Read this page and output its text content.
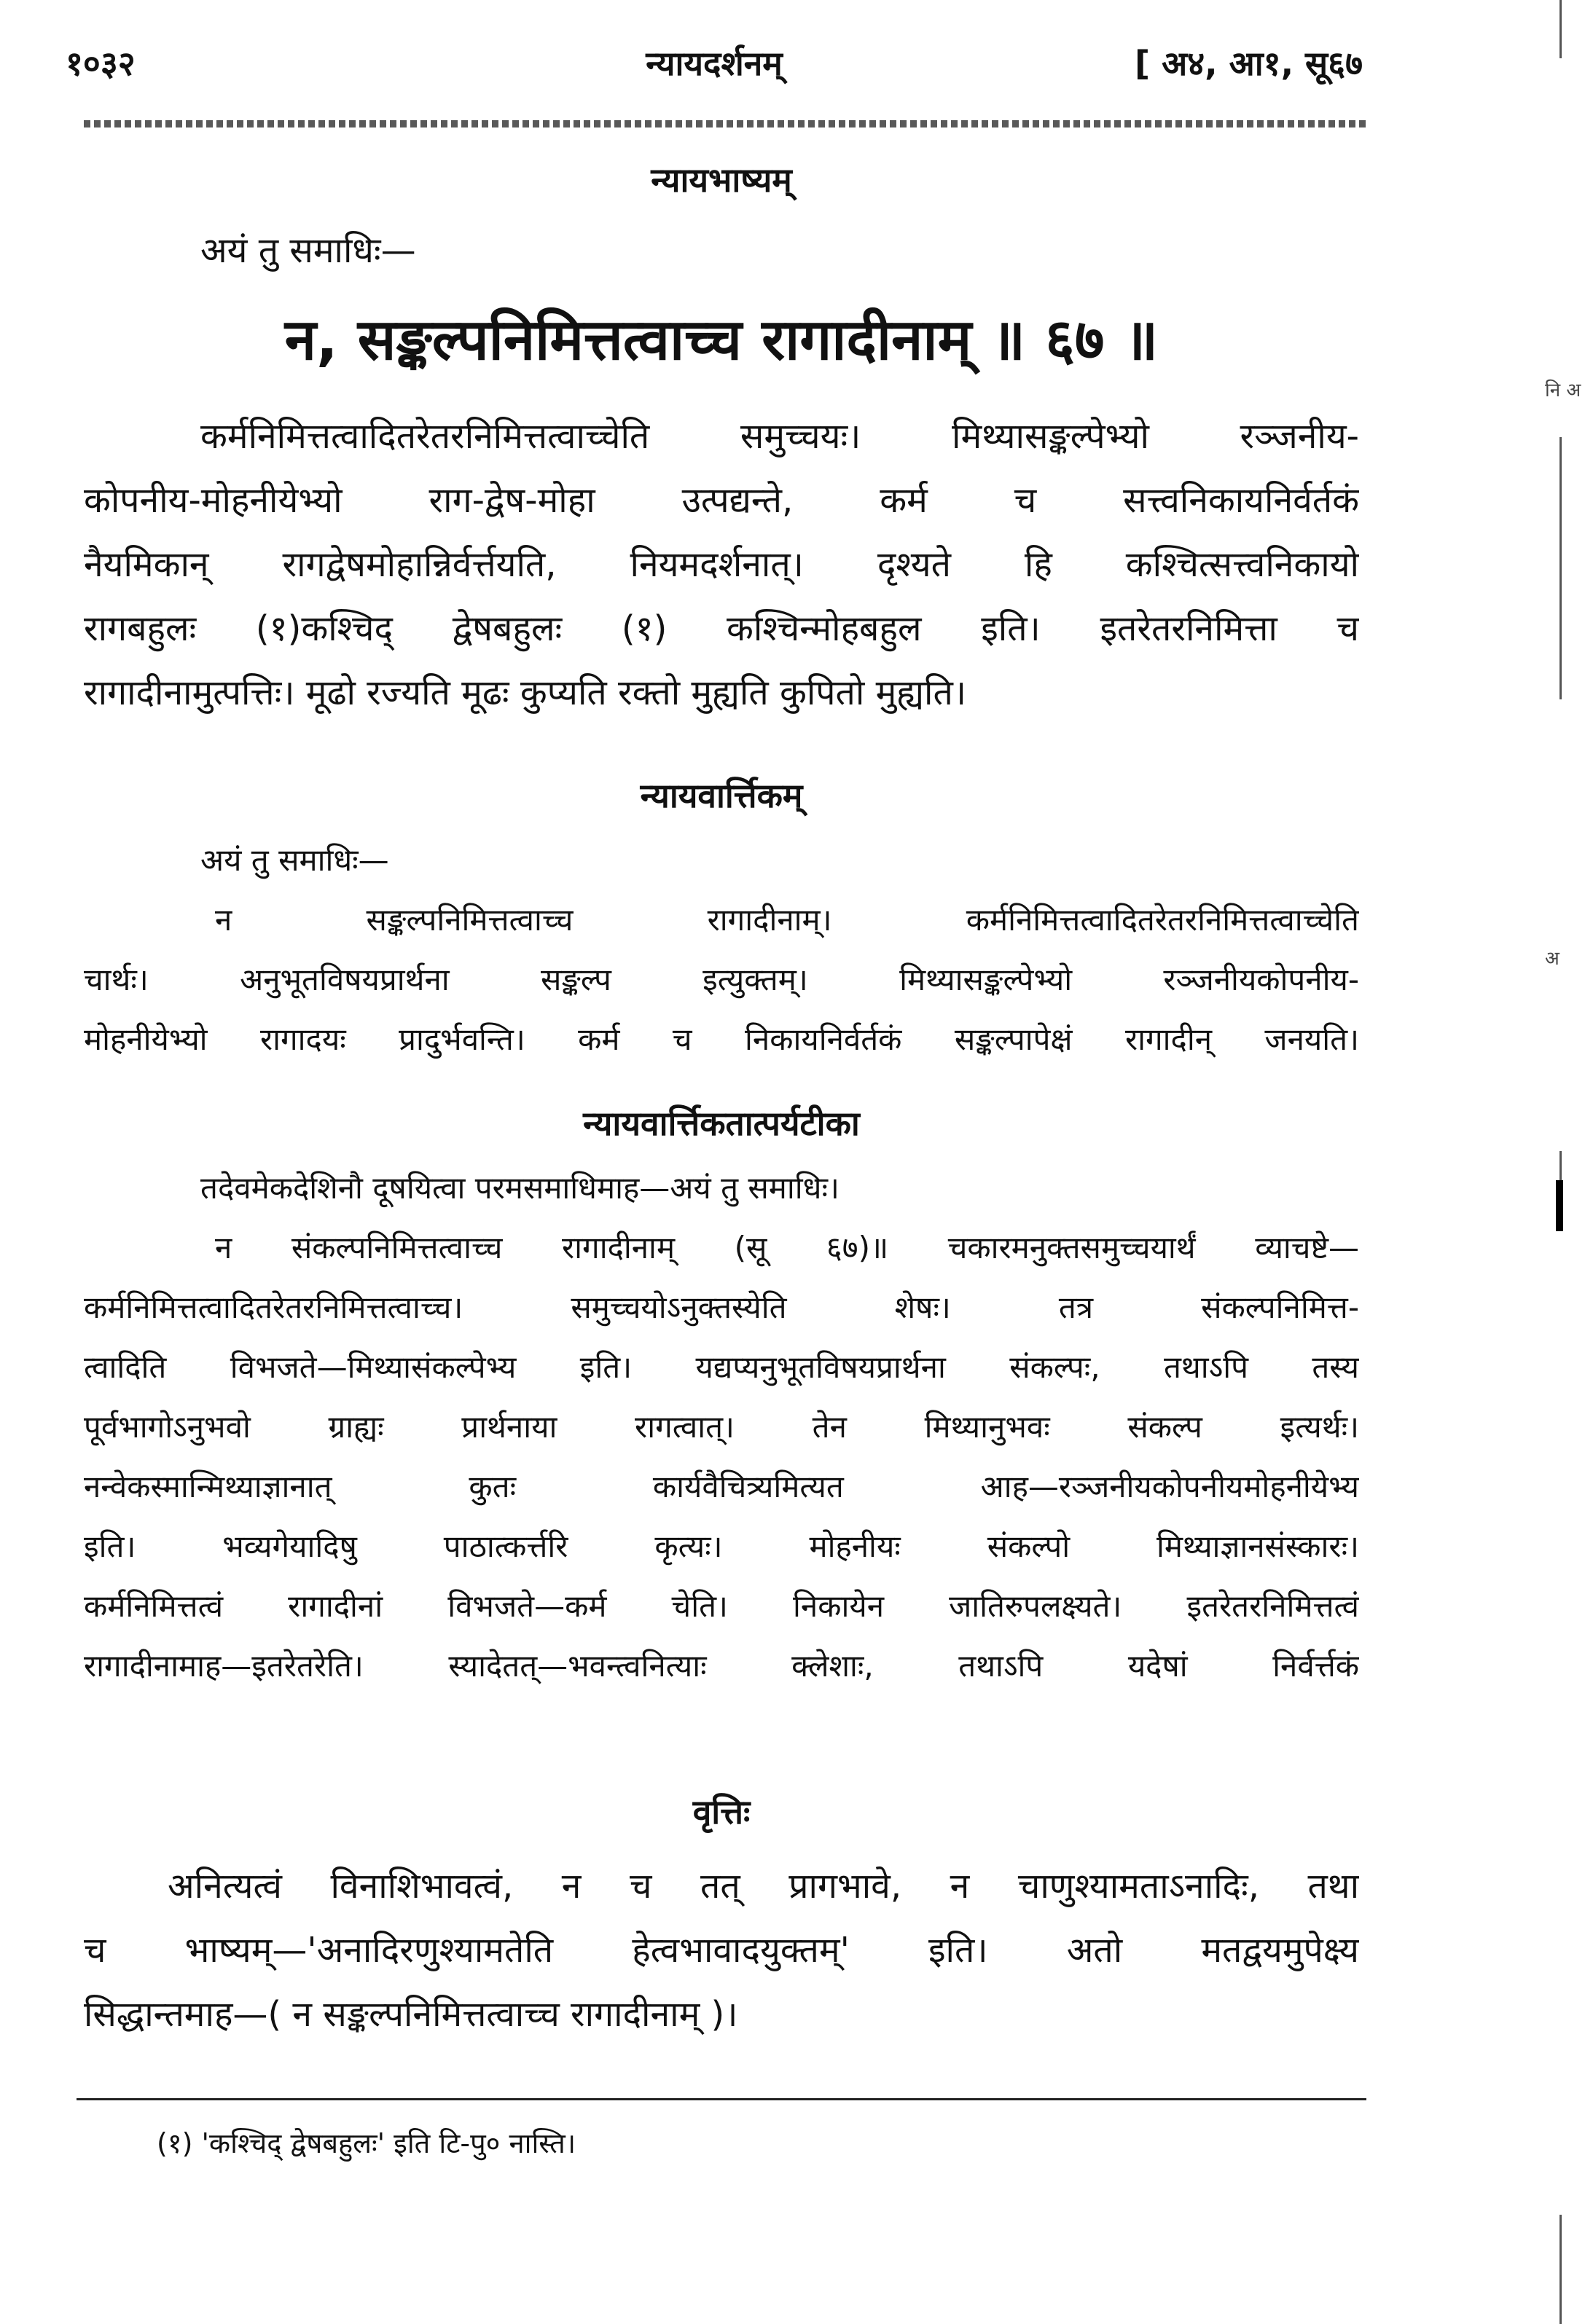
१०३२	न्यायदर्शनम्	[ अ४, आ१, सू६७
न्यायभाष्यम्
अयं तु समाधिः—
न, सङ्कल्पनिमित्तत्वाच्च रागादीनाम् ॥ ६७ ॥
कर्मनिमित्तत्वादितरेतरनिमित्तत्वाच्चेति समुच्चयः। मिथ्यासङ्कल्पेभ्यो रञ्जनीय-
कोपनीय-मोहनीयेभ्यो राग-द्वेष-मोहा उत्पद्यन्ते, कर्म च सत्त्वनिकायनिर्वर्तकं
नैयमिकान् रागद्वेषमोहान्निर्वर्त्तयति, नियमदर्शनात्। दृश्यते हि कश्चित्सत्त्वनिकायो
रागबहुलः (१)कश्चिद् द्वेषबहुलः (१) कश्चिन्मोहबहुल इति। इतरेतरनिमित्ता च
रागादीनामुत्पत्तिः। मूढो रज्यति मूढः कुप्यति रक्तो मुह्यति कुपितो मुह्यति।
न्यायवार्त्तिकम्
अयं तु समाधिः—
न सङ्कल्पनिमित्तत्वाच्च रागादीनाम्। कर्मनिमित्तत्वादितरेतरनिमित्तत्वाच्चेति
चार्थः। अनुभूतविषयप्रार्थना सङ्कल्प इत्युक्तम्। मिथ्यासङ्कल्पेभ्यो रञ्जनीयकोपनीय-
मोहनीयेभ्यो रागादयः प्रादुर्भवन्ति। कर्म च निकायनिर्वर्तकं सङ्कल्पापेक्षं रागादीन् जनयति।
न्यायवार्त्तिकतात्पर्यटीका
तदेवमेकदेशिनौ दूषयित्वा परमसमाधिमाह—अयं तु समाधिः।
न संकल्पनिमित्तत्वाच्च रागादीनाम् (सू ६७)॥ चकारमनुक्तसमुच्चयार्थं व्याचष्टे—
कर्मनिमित्तत्वादितरेतरनिमित्तत्वाच्च। समुच्चयोऽनुक्तस्येति शेषः। तत्र संकल्पनिमित्त-
त्वादिति विभजते—मिथ्यासंकल्पेभ्य इति। यद्यप्यनुभूतविषयप्रार्थना संकल्पः, तथाऽपि तस्य
पूर्वभागोऽनुभवो ग्राह्यः प्रार्थनाया रागत्वात्। तेन मिथ्यानुभवः संकल्प इत्यर्थः।
नन्वेकस्मान्मिथ्याज्ञानात् कुतः कार्यवैचित्र्यमित्यत आह—रञ्जनीयकोपनीयमोहनीयेभ्य
इति। भव्यगेयादिषु पाठात्कर्त्तरि कृत्यः। मोहनीयः संकल्पो मिथ्याज्ञानसंस्कारः।
कर्मनिमित्तत्वं रागादीनां विभजते—कर्म चेति। निकायेन जातिरुपलक्ष्यते। इतरेतरनिमित्तत्वं
रागादीनामाह—इतरेतरेति। स्यादेतत्—भवन्त्वनित्याः क्लेशाः, तथाऽपि यदेषां निर्वर्त्तकं
वृत्तिः
अनित्यत्वं विनाशिभावत्वं, न च तत् प्रागभावे, न चाणुश्यामताऽनादिः, तथा
च भाष्यम्—'अनादिरणुश्यामतेति हेत्वभावादयुक्तम्' इति। अतो मतद्वयमुपेक्ष्य
सिद्धान्तमाह—( न सङ्कल्पनिमित्तत्वाच्च रागादीनाम् )।
(१) 'कश्चिद् द्वेषबहुलः' इति टि-पु० नास्ति।
नि अ
अ
